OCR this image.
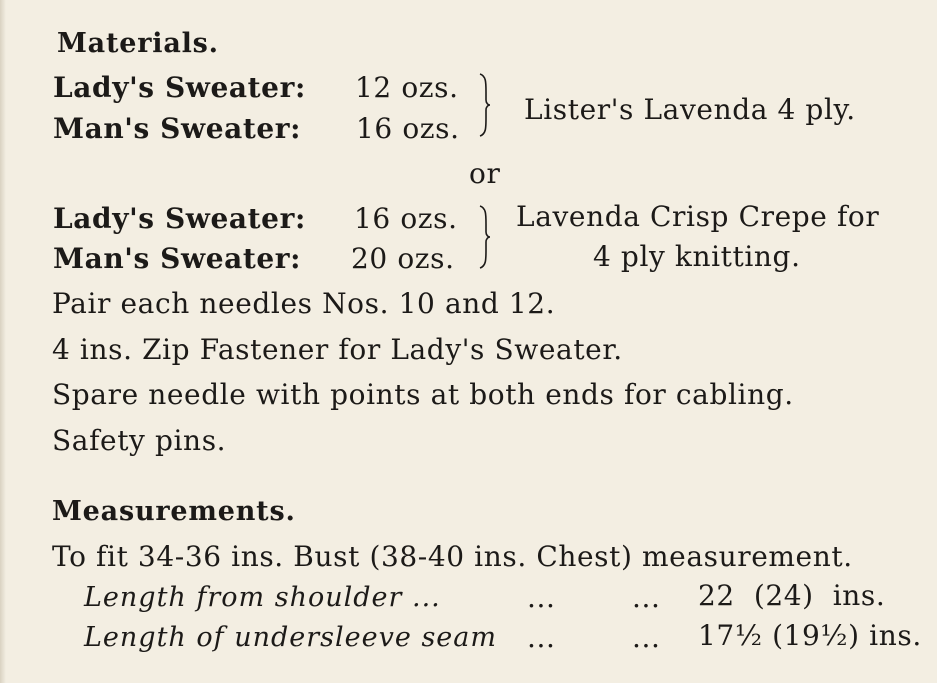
Materials.
Lady's Sweater: 12 ozs.
Man's Sweater: 16 ozs.
Lister's Lavenda 4 ply.
or
Lady's Sweater: 16 ozs.
Man's Sweater: 20 ozs.
Lavenda Crisp Crepe for
4 ply knitting.
Pair each needles Nos. 10 and 12.
4 ins. Zip Fastener for Lady's Sweater.
Spare needle with points at both ends for cabling.
Safety pins.
Measurements.
To fit 34-36 ins. Bust (38-40 ins. Chest) measurement.
Length from shoulder ...	...	... 22  (24)  ins.
Length of undersleeve seam ...	... 17½ (19½) ins.
